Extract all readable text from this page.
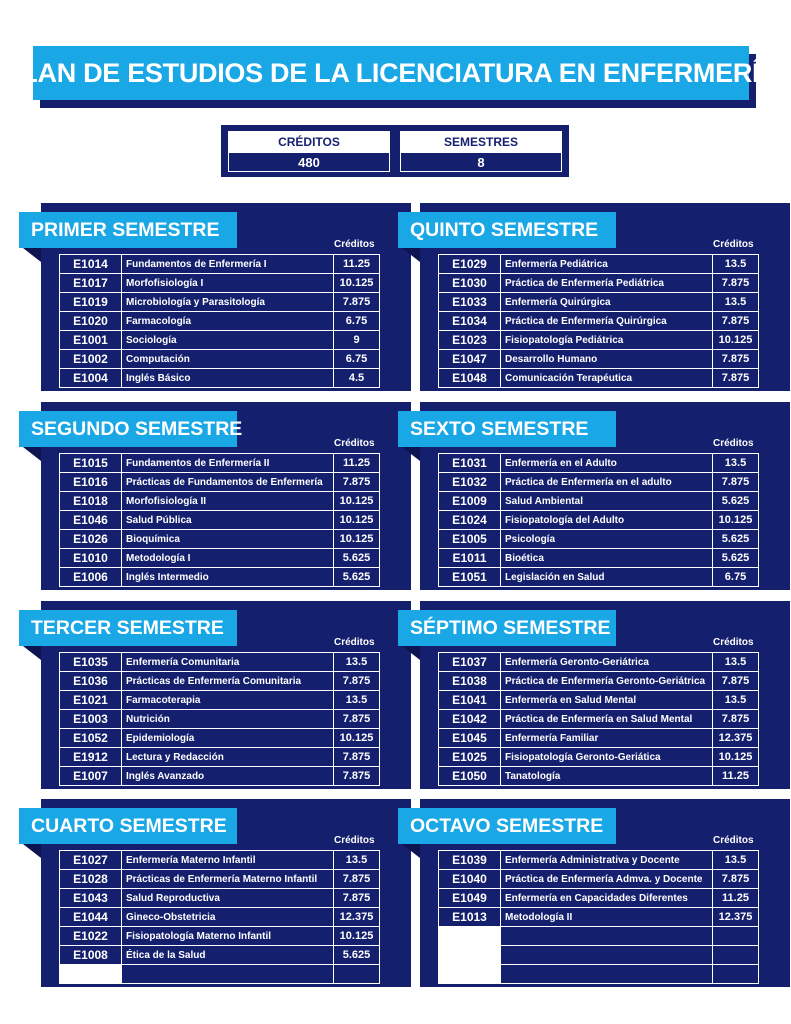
PLAN DE ESTUDIOS DE LA LICENCIATURA EN ENFERMERÍA
CRÉDITOS
480
SEMESTRES
8
PRIMER SEMESTRE
Créditos
E1014	Fundamentos de Enfermería I	11.25
E1017	Morfofisiología I	10.125
E1019	Microbiología y Parasitología	7.875
E1020	Farmacología	6.75
E1001	Sociología	9
E1002	Computación	6.75
E1004	Inglés Básico	4.5
SEGUNDO SEMESTRE
Créditos
E1015	Fundamentos de Enfermería II	11.25
E1016	Prácticas de Fundamentos de Enfermería	7.875
E1018	Morfofisiología II	10.125
E1046	Salud Pública	10.125
E1026	Bioquímica	10.125
E1010	Metodología I	5.625
E1006	Inglés Intermedio	5.625
TERCER SEMESTRE
Créditos
E1035	Enfermería Comunitaria	13.5
E1036	Prácticas de Enfermería Comunitaria	7.875
E1021	Farmacoterapia	13.5
E1003	Nutrición	7.875
E1052	Epidemiología	10.125
E1912	Lectura y Redacción	7.875
E1007	Inglés Avanzado	7.875
CUARTO SEMESTRE
Créditos
E1027	Enfermería Materno Infantil	13.5
E1028	Prácticas de Enfermería Materno Infantil	7.875
E1043	Salud Reproductiva	7.875
E1044	Gineco-Obstetricia	12.375
E1022	Fisiopatología Materno Infantil	10.125
E1008	Ética de la Salud	5.625

QUINTO SEMESTRE
Créditos
E1029	Enfermería Pediátrica	13.5
E1030	Práctica de Enfermería Pediátrica	7.875
E1033	Enfermería Quirúrgica	13.5
E1034	Práctica de Enfermería Quirúrgica	7.875
E1023	Fisiopatología Pediátrica	10.125
E1047	Desarrollo Humano	7.875
E1048	Comunicación Terapéutica	7.875
SEXTO SEMESTRE
Créditos
E1031	Enfermería en el Adulto	13.5
E1032	Práctica de Enfermería en el adulto	7.875
E1009	Salud Ambiental	5.625
E1024	Fisiopatología del Adulto	10.125
E1005	Psicología	5.625
E1011	Bioética	5.625
E1051	Legislación en Salud	6.75
SÉPTIMO SEMESTRE
Créditos
E1037	Enfermería Geronto-Geriátrica	13.5
E1038	Práctica de Enfermería Geronto-Geriátrica	7.875
E1041	Enfermería en Salud Mental	13.5
E1042	Práctica de Enfermería en Salud Mental	7.875
E1045	Enfermería Familiar	12.375
E1025	Fisiopatología Geronto-Geriática	10.125
E1050	Tanatología	11.25
OCTAVO SEMESTRE
Créditos
E1039	Enfermería Administrativa y Docente	13.5
E1040	Práctica de Enfermería Admva. y Docente	7.875
E1049	Enfermería en Capacidades Diferentes	11.25
E1013	Metodología II	12.375
